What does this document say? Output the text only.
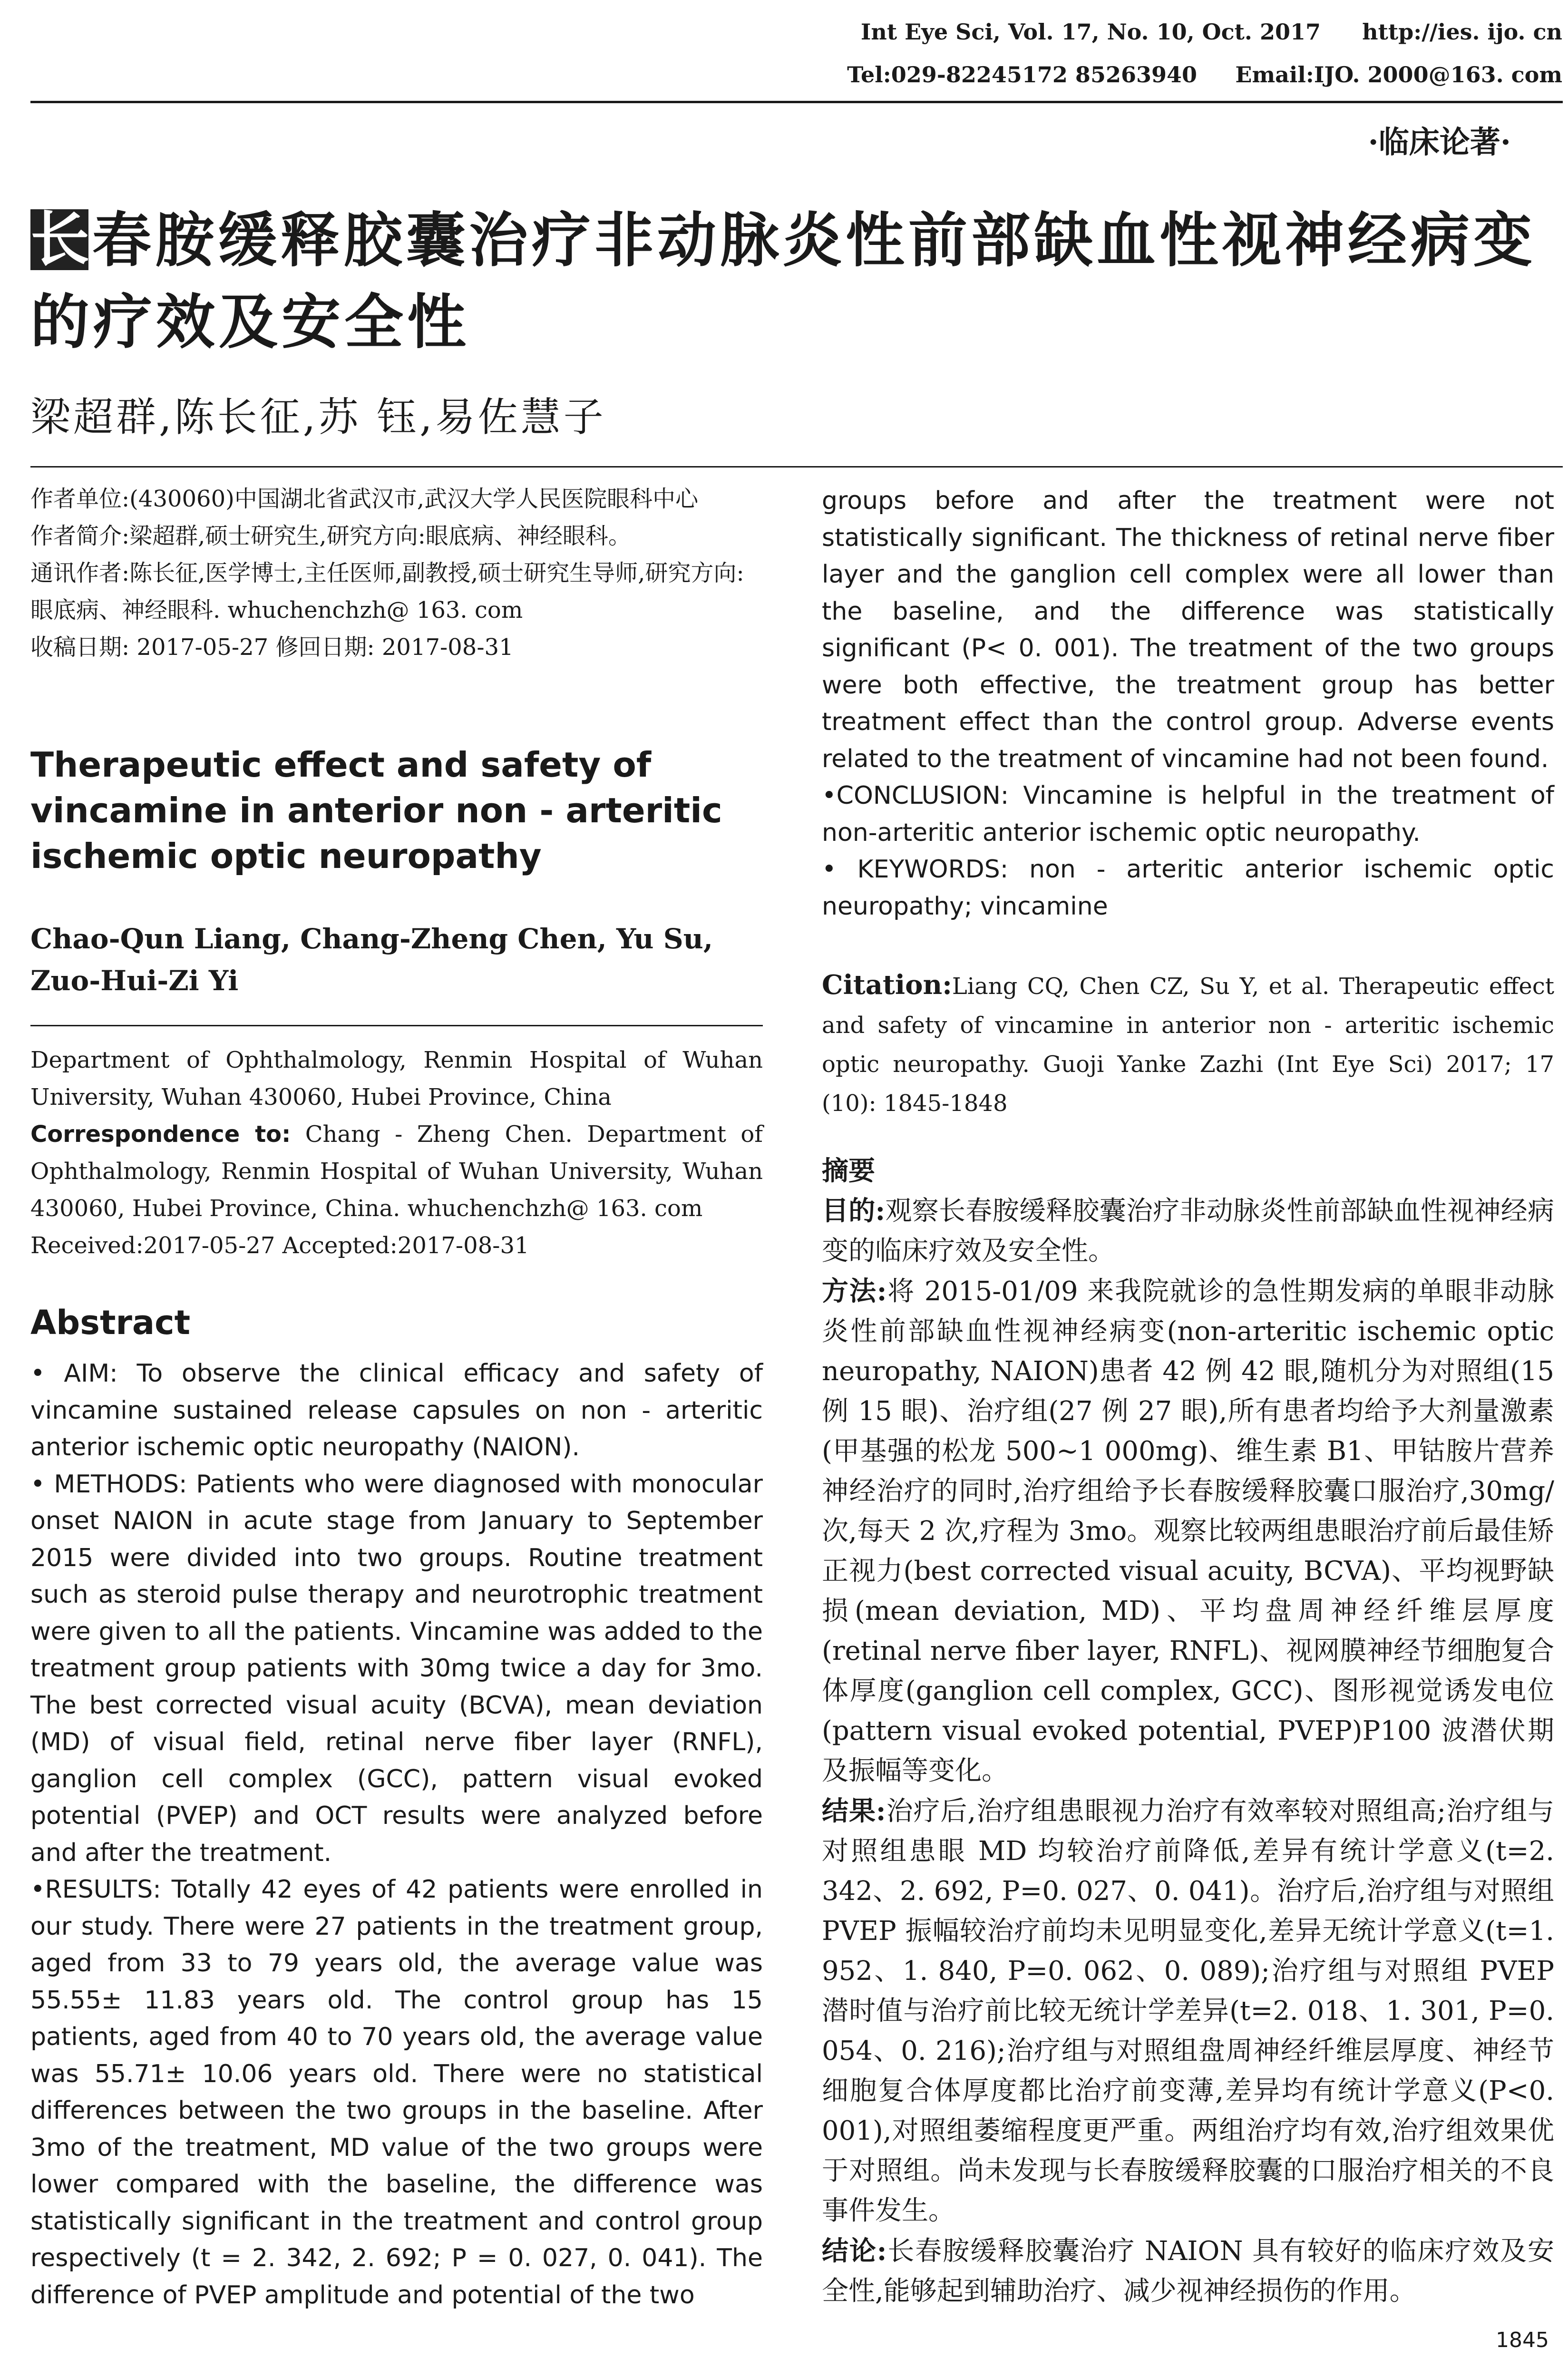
Int Eye Sci, Vol. 17, No. 10, Oct. 2017 http://ies. ijo. cn
Tel:029-82245172 85263940 Email:IJO. 2000@163. com
·临床论著·
长春胺缓释胶囊治疗非动脉炎性前部缺血性视神经病变的疗效及安全性
梁超群,陈长征,苏 钰,易佐慧子

作者单位:(430060)中国湖北省武汉市,武汉大学人民医院眼科中心

作者简介:梁超群,硕士研究生,研究方向:眼底病、神经眼科。

通讯作者:陈长征,医学博士,主任医师,副教授,硕士研究生导师,研究方向:眼底病、神经眼科. whuchenchzh@ 163. com

收稿日期: 2017-05-27 修回日期: 2017-08-31

Therapeutic effect and safety of vincamine in anterior non - arteritic ischemic optic neuropathy
Chao-Qun Liang, Chang-Zheng Chen, Yu Su, Zuo-Hui-Zi Yi

Department of Ophthalmology, Renmin Hospital of Wuhan University, Wuhan 430060, Hubei Province, China

Correspondence to: Chang - Zheng Chen. Department of Ophthalmology, Renmin Hospital of Wuhan University, Wuhan 430060, Hubei Province, China. whuchenchzh@ 163. com

Received:2017-05-27 Accepted:2017-08-31

Abstract

• AIM: To observe the clinical efficacy and safety of vincamine sustained release capsules on non - arteritic anterior ischemic optic neuropathy (NAION).

• METHODS: Patients who were diagnosed with monocular onset NAION in acute stage from January to September 2015 were divided into two groups. Routine treatment such as steroid pulse therapy and neurotrophic treatment were given to all the patients. Vincamine was added to the treatment group patients with 30mg twice a day for 3mo. The best corrected visual acuity (BCVA), mean deviation (MD) of visual field, retinal nerve fiber layer (RNFL), ganglion cell complex (GCC), pattern visual evoked potential (PVEP) and OCT results were analyzed before and after the treatment.

•RESULTS: Totally 42 eyes of 42 patients were enrolled in our study. There were 27 patients in the treatment group, aged from 33 to 79 years old, the average value was 55.55± 11.83 years old. The control group has 15 patients, aged from 40 to 70 years old, the average value was 55.71± 10.06 years old. There were no statistical differences between the two groups in the baseline. After 3mo of the treatment, MD value of the two groups were lower compared with the baseline, the difference was statistically significant in the treatment and control group respectively (t = 2. 342, 2. 692; P = 0. 027, 0. 041). The difference of PVEP amplitude and potential of the two

groups before and after the treatment were not statistically significant. The thickness of retinal nerve fiber layer and the ganglion cell complex were all lower than the baseline, and the difference was statistically significant (P< 0. 001). The treatment of the two groups were both effective, the treatment group has better treatment effect than the control group. Adverse events related to the treatment of vincamine had not been found.

•CONCLUSION: Vincamine is helpful in the treatment of non-arteritic anterior ischemic optic neuropathy.

• KEYWORDS: non - arteritic anterior ischemic optic neuropathy; vincamine

Citation:Liang CQ, Chen CZ, Su Y, et al. Therapeutic effect and safety of vincamine in anterior non - arteritic ischemic optic neuropathy. Guoji Yanke Zazhi (Int Eye Sci) 2017; 17 (10): 1845-1848

摘要

目的:观察长春胺缓释胶囊治疗非动脉炎性前部缺血性视神经病变的临床疗效及安全性。

方法:将 2015-01/09 来我院就诊的急性期发病的单眼非动脉炎性前部缺血性视神经病变(non-arteritic ischemic optic neuropathy, NAION)患者 42 例 42 眼,随机分为对照组(15 例 15 眼)、治疗组(27 例 27 眼),所有患者均给予大剂量激素(甲基强的松龙 500~1 000mg)、维生素 B1、甲钴胺片营养神经治疗的同时,治疗组给予长春胺缓释胶囊口服治疗,30mg/次,每天 2 次,疗程为 3mo。观察比较两组患眼治疗前后最佳矫正视力(best corrected visual acuity, BCVA)、平均视野缺损(mean deviation, MD)、平均盘周神经纤维层厚度(retinal nerve fiber layer, RNFL)、视网膜神经节细胞复合体厚度(ganglion cell complex, GCC)、图形视觉诱发电位(pattern visual evoked potential, PVEP)P100 波潜伏期及振幅等变化。

结果:治疗后,治疗组患眼视力治疗有效率较对照组高;治疗组与对照组患眼 MD 均较治疗前降低,差异有统计学意义(t=2. 342、2. 692, P=0. 027、0. 041)。治疗后,治疗组与对照组 PVEP 振幅较治疗前均未见明显变化,差异无统计学意义(t=1. 952、1. 840, P=0. 062、0. 089);治疗组与对照组 PVEP 潜时值与治疗前比较无统计学差异(t=2. 018、1. 301, P=0. 054、0. 216);治疗组与对照组盘周神经纤维层厚度、神经节细胞复合体厚度都比治疗前变薄,差异均有统计学意义(P<0. 001),对照组萎缩程度更严重。两组治疗均有效,治疗组效果优于对照组。尚未发现与长春胺缓释胶囊的口服治疗相关的不良事件发生。

结论:长春胺缓释胶囊治疗 NAION 具有较好的临床疗效及安全性,能够起到辅助治疗、减少视神经损伤的作用。

1845
